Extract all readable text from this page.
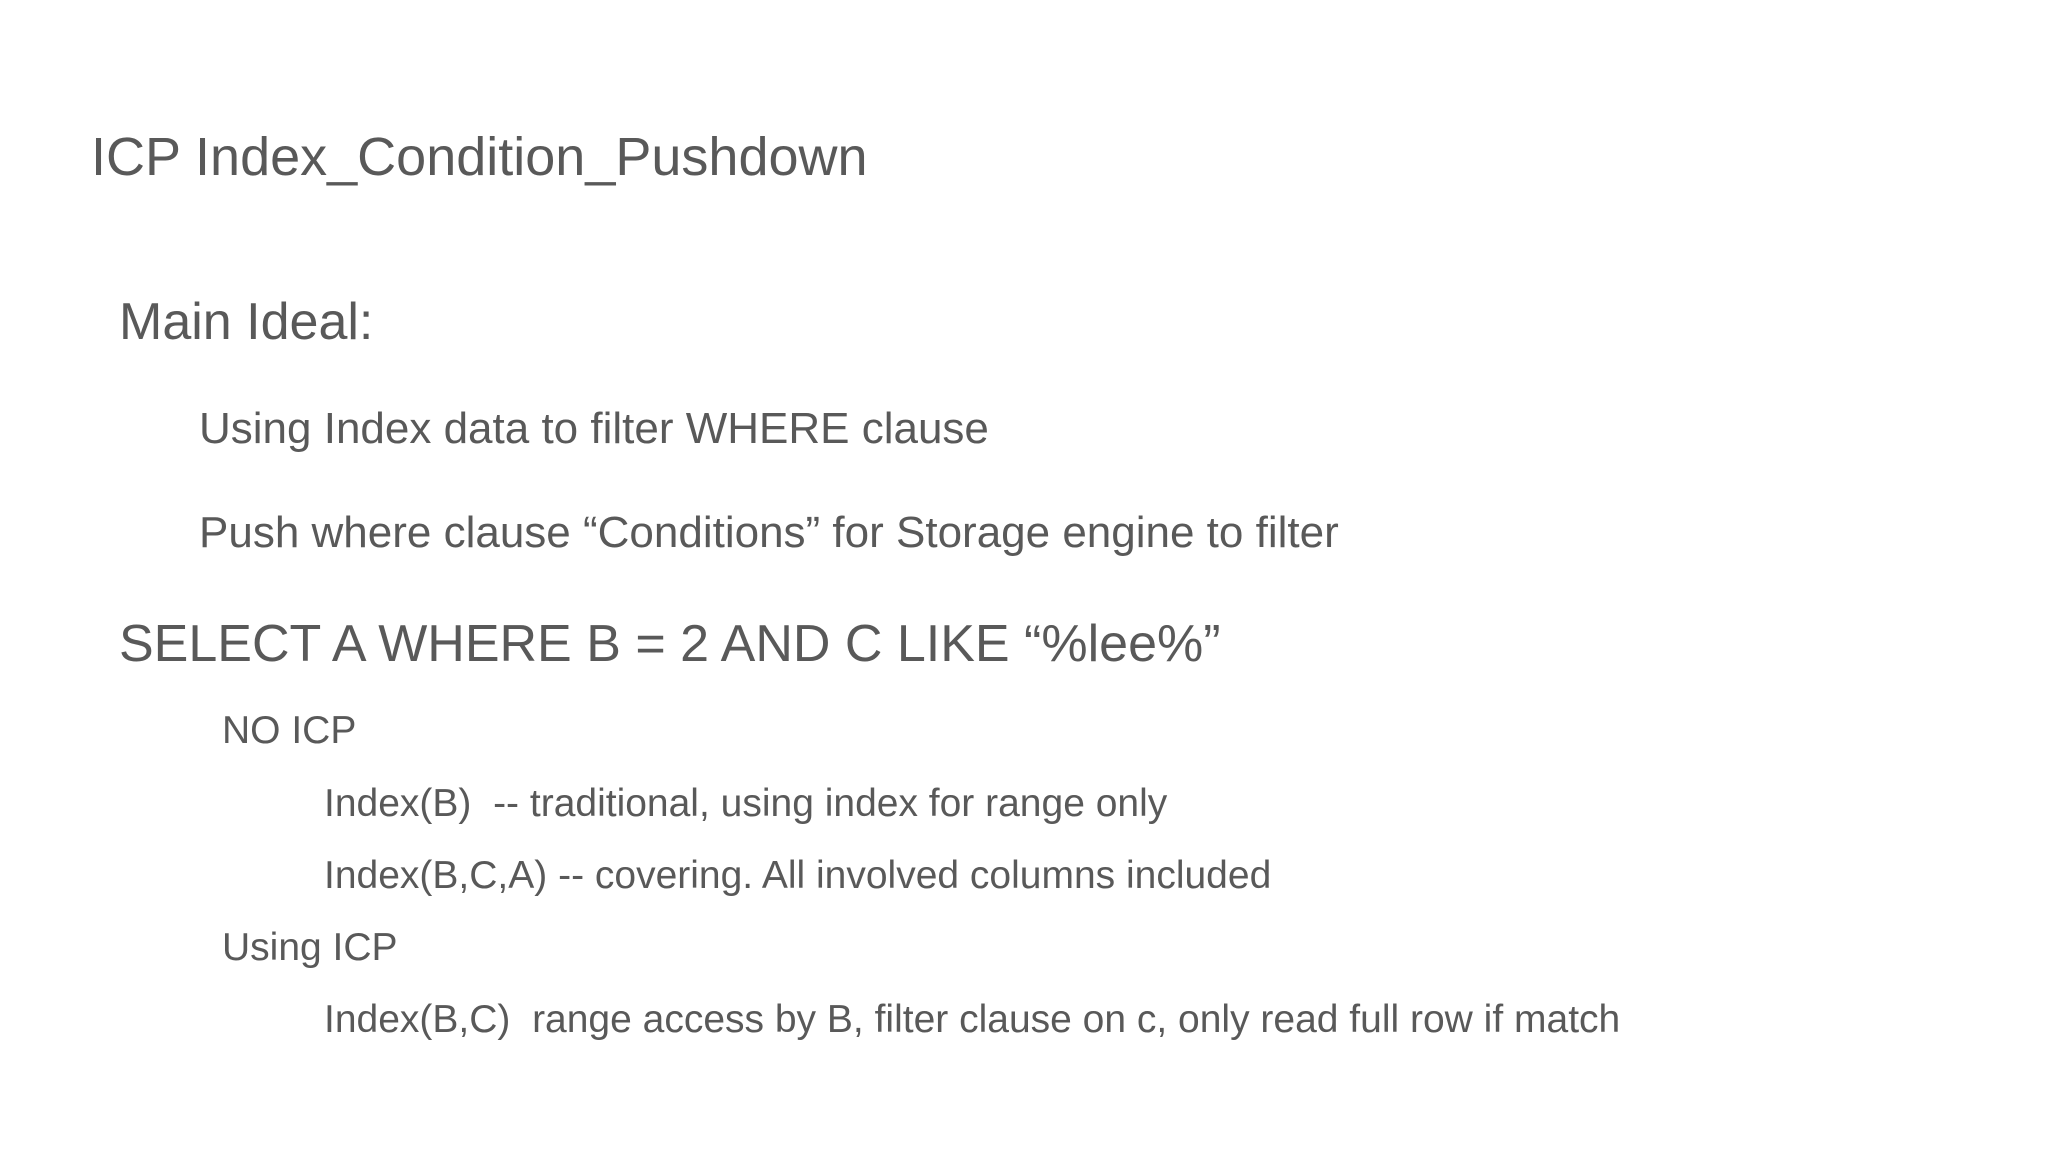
ICP Index_Condition_Pushdown
Main Ideal:
Using Index data to filter WHERE clause
Push where clause “Conditions” for Storage engine to filter
SELECT A WHERE B = 2 AND C LIKE “%lee%”
NO ICP
Index(B)  -- traditional, using index for range only
Index(B,C,A) -- covering. All involved columns included
Using ICP
Index(B,C)  range access by B, filter clause on c, only read full row if match
